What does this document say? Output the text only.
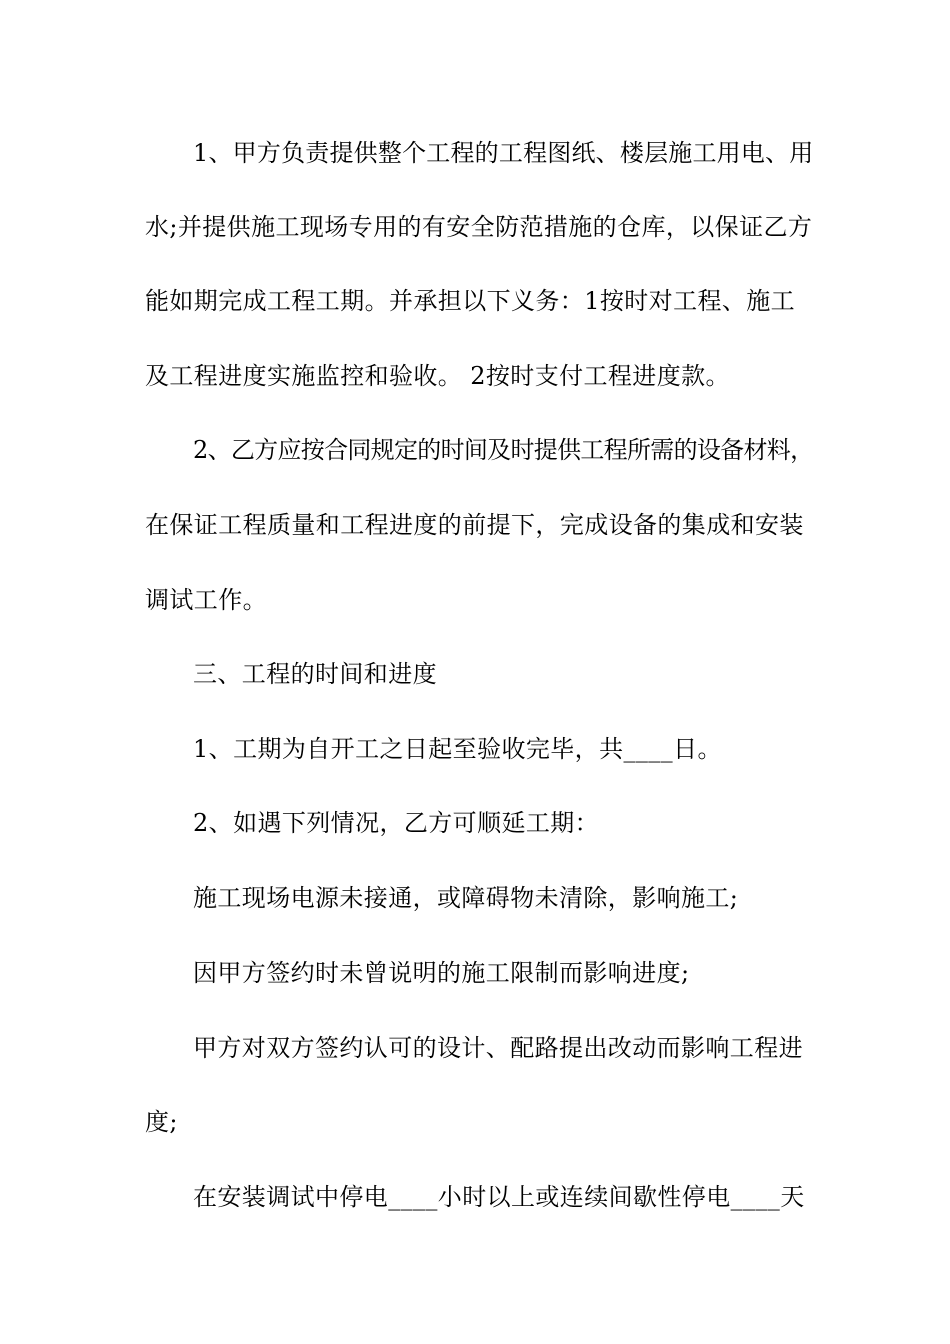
1、甲方负责提供整个工程的工程图纸、楼层施工用电、用

水;并提供施工现场专用的有安全防范措施的仓库，以保证乙方

能如期完成工程工期。并承担以下义务：1按时对工程、施工

及工程进度实施监控和验收。 2按时支付工程进度款。

2、乙方应按合同规定的时间及时提供工程所需的设备材料，

在保证工程质量和工程进度的前提下，完成设备的集成和安装

调试工作。

三、工程的时间和进度

1、工期为自开工之日起至验收完毕，共____日。

2、如遇下列情况，乙方可顺延工期：

施工现场电源未接通，或障碍物未清除，影响施工;

因甲方签约时未曾说明的施工限制而影响进度;

甲方对双方签约认可的设计、配路提出改动而影响工程进

度;

在安装调试中停电____小时以上或连续间歇性停电____天
